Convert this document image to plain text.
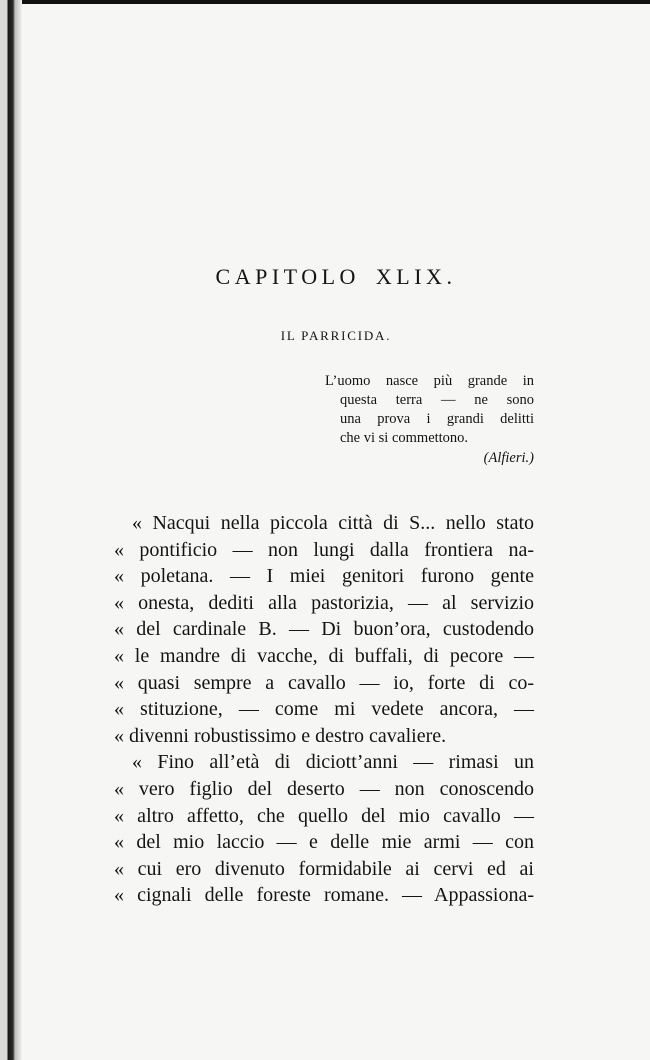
CAPITOLO XLIX.
IL PARRICIDA.
L’uomo nasce più grande in
questa terra — ne sono
una prova i grandi delitti
che vi si commettono.
(Alfieri.)
« Nacqui nella piccola città di S... nello stato
« pontificio — non lungi dalla frontiera na-
« poletana. — I miei genitori furono gente
« onesta, dediti alla pastorizia, — al servizio
« del cardinale B. — Di buon’ora, custodendo
« le mandre di vacche, di buffali, di pecore —
« quasi sempre a cavallo — io, forte di co-
« stituzione, — come mi vedete ancora, —
« divenni robustissimo e destro cavaliere.
« Fino all’età di diciott’anni — rimasi un
« vero figlio del deserto — non conoscendo
« altro affetto, che quello del mio cavallo —
« del mio laccio — e delle mie armi — con
« cui ero divenuto formidabile ai cervi ed ai
« cignali delle foreste romane. — Appassiona-
